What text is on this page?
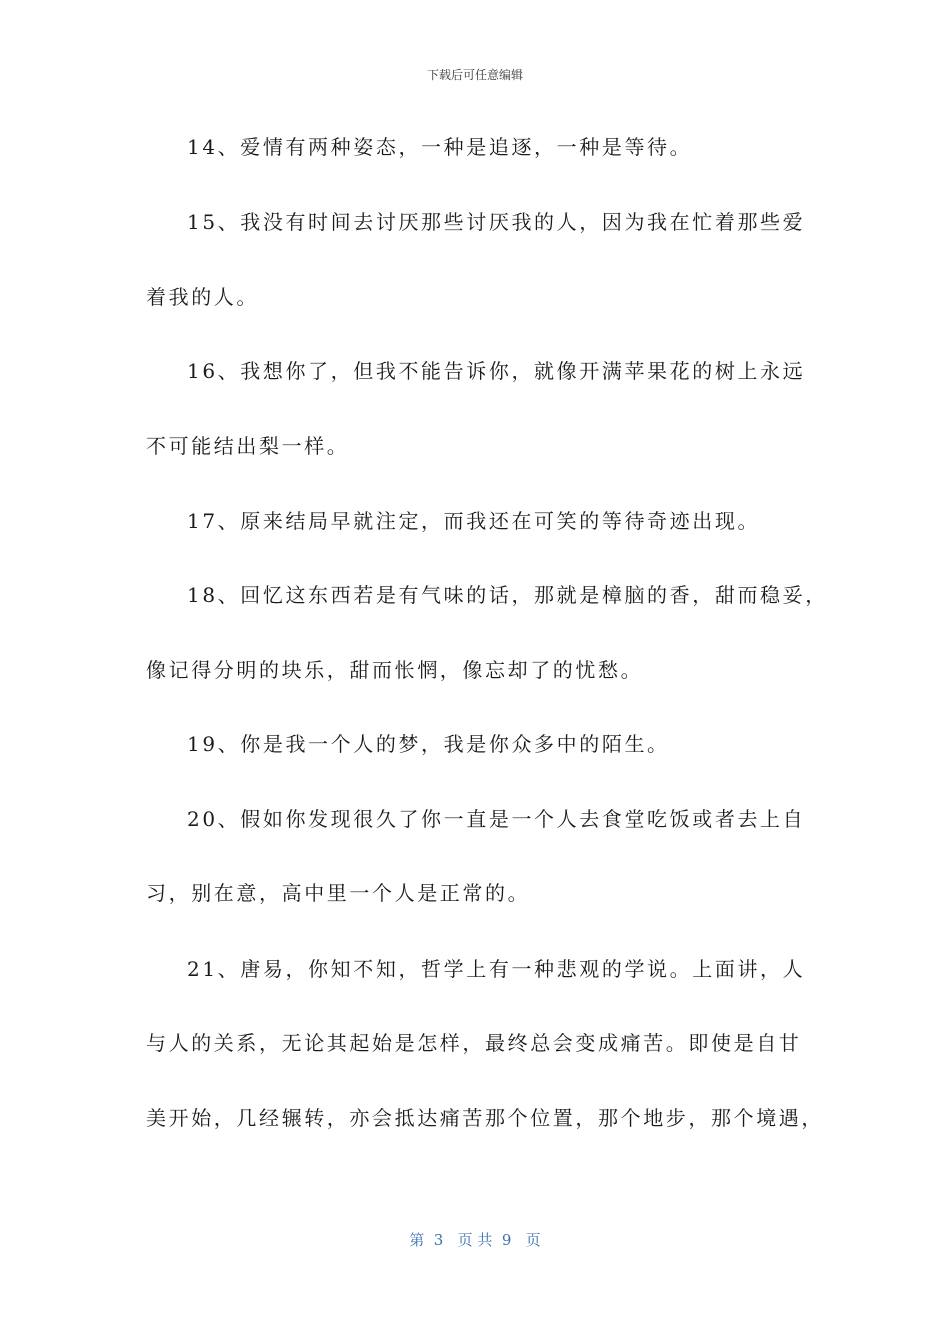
下载后可任意编辑
14、爱情有两种姿态，一种是追逐，一种是等待。
15、我没有时间去讨厌那些讨厌我的人，因为我在忙着那些爱
着我的人。
16、我想你了，但我不能告诉你，就像开满苹果花的树上永远
不可能结出梨一样。
17、原来结局早就注定，而我还在可笑的等待奇迹出现。
18、回忆这东西若是有气味的话，那就是樟脑的香，甜而稳妥，
像记得分明的块乐，甜而怅惘，像忘却了的忧愁。
19、你是我一个人的梦，我是你众多中的陌生。
20、假如你发现很久了你一直是一个人去食堂吃饭或者去上自
习，别在意，高中里一个人是正常的。
21、唐易，你知不知，哲学上有一种悲观的学说。上面讲，人
与人的关系，无论其起始是怎样，最终总会变成痛苦。即使是自甘
美开始，几经辗转，亦会抵达痛苦那个位置，那个地步，那个境遇，
第  3   页 共  9   页
